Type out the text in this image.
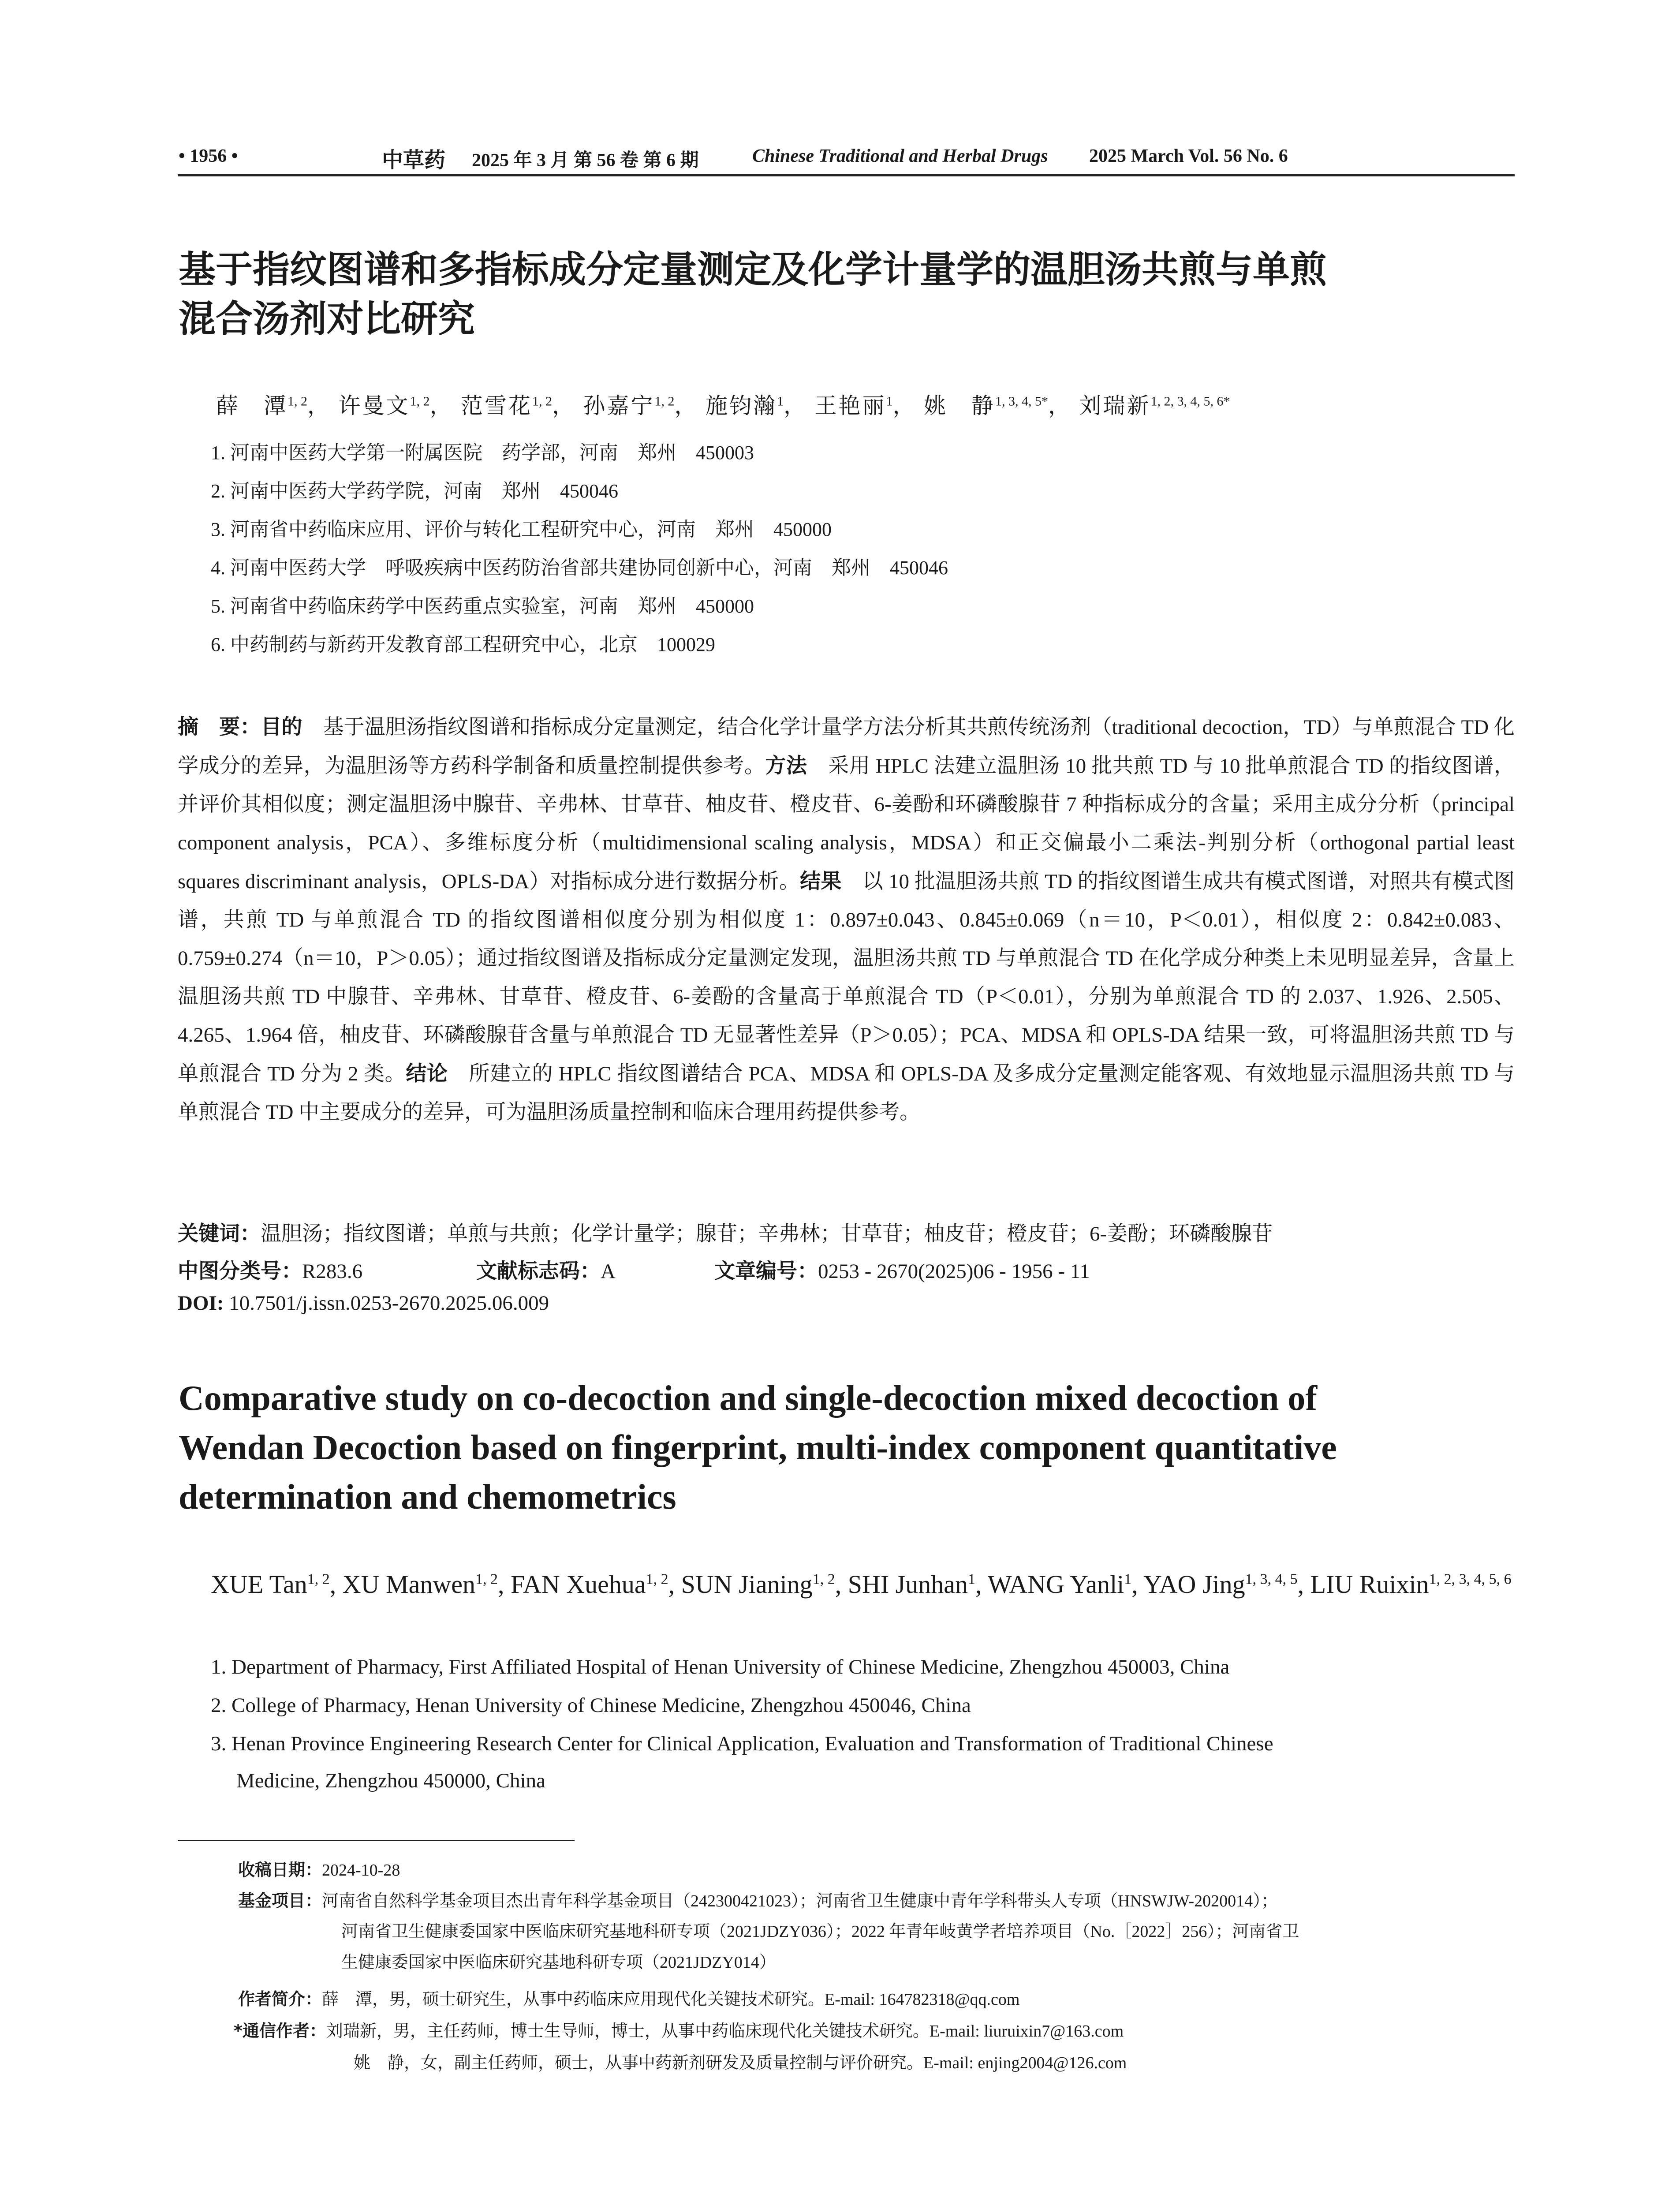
• 1956 •	中草药 2025 年 3 月 第 56 卷 第 6 期	Chinese Traditional and Herbal Drugs 2025 March Vol. 56 No. 6
基于指纹图谱和多指标成分定量测定及化学计量学的温胆汤共煎与单煎
混合汤剂对比研究
薛　潭$^{1, 2}$， 许曼文$^{1, 2}$， 范雪花$^{1, 2}$， 孙嘉宁$^{1, 2}$， 施钧瀚$^1$， 王艳丽$^1$， 姚　静$^{1, 3, 4, 5*}$， 刘瑞新$^{1, 2, 3, 4, 5, 6*}$
1. 河南中医药大学第一附属医院　药学部，河南　郑州　450003
2. 河南中医药大学药学院，河南　郑州　450046
3. 河南省中药临床应用、评价与转化工程研究中心，河南　郑州　450000
4. 河南中医药大学　呼吸疾病中医药防治省部共建协同创新中心，河南　郑州　450046
5. 河南省中药临床药学中医药重点实验室，河南　郑州　450000
6. 中药制药与新药开发教育部工程研究中心，北京　100029
摘　要：目的　 基于温胆汤指纹图谱和指标成分定量测定，结合化学计量学方法分析其共煎传统汤剂（traditional decoction，TD）与单煎混合 TD 化学成分的差异，为温胆汤等方药科学制备和质量控制提供参考。方法　 采用 HPLC 法建立温胆汤 10 批共煎 TD 与 10 批单煎混合 TD 的指纹图谱，并评价其相似度；测定温胆汤中腺苷、辛弗林、甘草苷、柚皮苷、橙皮苷、6-姜酚和环磷酸腺苷 7 种指标成分的含量；采用主成分分析（principal component analysis，PCA）、多维标度分析（multidimensional scaling analysis，MDSA）和正交偏最小二乘法-判别分析（orthogonal partial least squares discriminant analysis，OPLS-DA）对指标成分进行数据分析。结果　 以 10 批温胆汤共煎 TD 的指纹图谱生成共有模式图谱，对照共有模式图谱，共煎 TD 与单煎混合 TD 的指纹图谱相似度分别为相似度 1：0.897±0.043、0.845±0.069（n＝10，P＜0.01），相似度 2：0.842±0.083、0.759±0.274（n＝10，P＞0.05）；通过指纹图谱及指标成分定量测定发现，温胆汤共煎 TD 与单煎混合 TD 在化学成分种类上未见明显差异，含量上温胆汤共煎 TD 中腺苷、辛弗林、甘草苷、橙皮苷、6-姜酚的含量高于单煎混合 TD（P＜0.01），分别为单煎混合 TD 的 2.037、1.926、2.505、4.265、1.964 倍，柚皮苷、环磷酸腺苷含量与单煎混合 TD 无显著性差异（P＞0.05）；PCA、MDSA 和 OPLS-DA 结果一致，可将温胆汤共煎 TD 与单煎混合 TD 分为 2 类。结论　 所建立的 HPLC 指纹图谱结合 PCA、MDSA 和 OPLS-DA 及多成分定量测定能客观、有效地显示温胆汤共煎 TD 与单煎混合 TD 中主要成分的差异，可为温胆汤质量控制和临床合理用药提供参考。
关键词：温胆汤；指纹图谱；单煎与共煎；化学计量学；腺苷；辛弗林；甘草苷；柚皮苷；橙皮苷；6-姜酚；环磷酸腺苷
中图分类号：R283.6	文献标志码：A	文章编号：0253 - 2670(2025)06 - 1956 - 11
DOI: 10.7501/j.issn.0253-2670.2025.06.009
Comparative study on co-decoction and single-decoction mixed decoction of
Wendan Decoction based on fingerprint, multi-index component quantitative
determination and chemometrics
XUE Tan$^{1, 2}$, XU Manwen$^{1, 2}$, FAN Xuehua$^{1, 2}$, SUN Jianing$^{1, 2}$, SHI Junhan$^1$, WANG Yanli$^1$, YAO Jing$^{1, 3, 4, 5}$, LIU Ruixin$^{1, 2, 3, 4, 5, 6}$
1. Department of Pharmacy, First Affiliated Hospital of Henan University of Chinese Medicine, Zhengzhou 450003, China
2. College of Pharmacy, Henan University of Chinese Medicine, Zhengzhou 450046, China
3. Henan Province Engineering Research Center for Clinical Application, Evaluation and Transformation of Traditional Chinese
Medicine, Zhengzhou 450000, China
收稿日期：2024-10-28
基金项目：河南省自然科学基金项目杰出青年科学基金项目（242300421023）；河南省卫生健康中青年学科带头人专项（HNSWJW-2020014）；
河南省卫生健康委国家中医临床研究基地科研专项（2021JDZY036）；2022 年青年岐黄学者培养项目（No.［2022］256）；河南省卫
生健康委国家中医临床研究基地科研专项（2021JDZY014）
作者简介：薛　潭，男，硕士研究生，从事中药临床应用现代化关键技术研究。E-mail: 164782318@qq.com
*通信作者：刘瑞新，男，主任药师，博士生导师，博士，从事中药临床现代化关键技术研究。E-mail: liuruixin7@163.com
姚　静，女，副主任药师，硕士，从事中药新剂研发及质量控制与评价研究。E-mail: enjing2004@126.com
